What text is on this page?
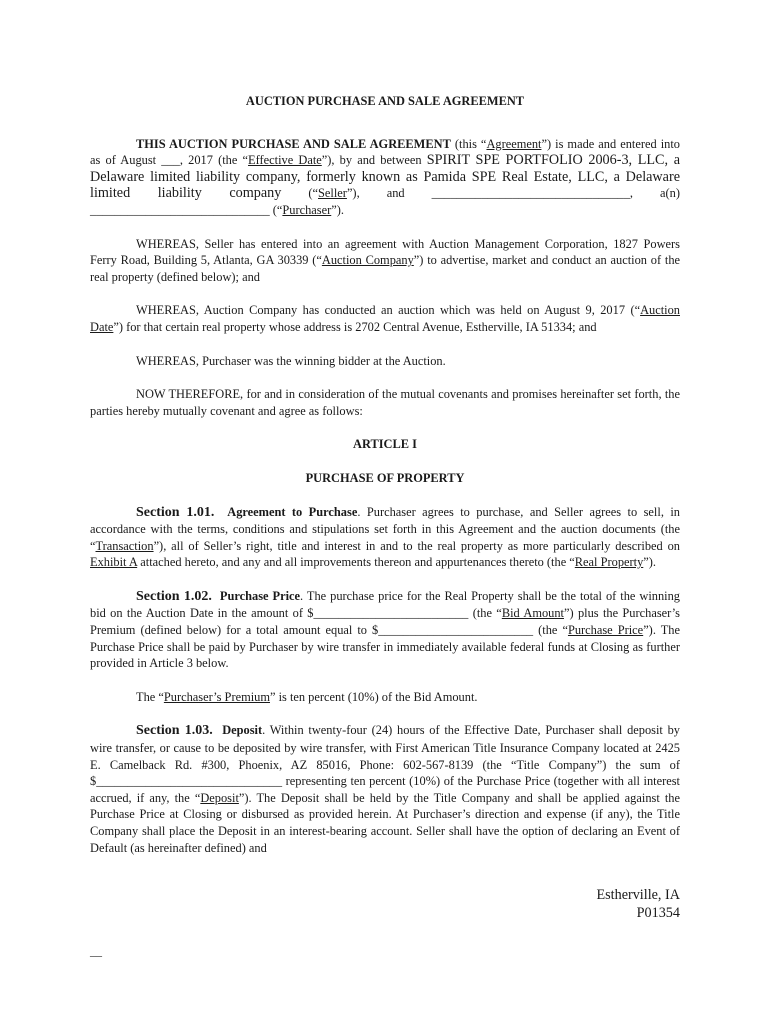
AUCTION PURCHASE AND SALE AGREEMENT

THIS AUCTION PURCHASE AND SALE AGREEMENT (this “Agreement”) is made and entered into as of August ___, 2017 (the “Effective Date”), by and between SPIRIT SPE PORTFOLIO 2006-3, LLC, a Delaware limited liability company, formerly known as Pamida SPE Real Estate, LLC, a Delaware limited liability company (“Seller”), and ________________________________, a(n) _____________________________ (“Purchaser”).

WHEREAS, Seller has entered into an agreement with Auction Management Corporation, 1827 Powers Ferry Road, Building 5, Atlanta, GA 30339 (“Auction Company”) to advertise, market and conduct an auction of the real property (defined below); and

WHEREAS, Auction Company has conducted an auction which was held on August 9, 2017 (“Auction Date”) for that certain real property whose address is 2702 Central Avenue, Estherville, IA 51334; and

WHEREAS, Purchaser was the winning bidder at the Auction.

NOW THEREFORE, for and in consideration of the mutual covenants and promises hereinafter set forth, the parties hereby mutually covenant and agree as follows:

ARTICLE I
PURCHASE OF PROPERTY

Section 1.01. Agreement to Purchase. Purchaser agrees to purchase, and Seller agrees to sell, in accordance with the terms, conditions and stipulations set forth in this Agreement and the auction documents (the “Transaction”), all of Seller’s right, title and interest in and to the real property as more particularly described on Exhibit A attached hereto, and any and all improvements thereon and appurtenances thereto (the “Real Property”).

Section 1.02. Purchase Price. The purchase price for the Real Property shall be the total of the winning bid on the Auction Date in the amount of $_________________________ (the “Bid Amount”) plus the Purchaser’s Premium (defined below) for a total amount equal to $_________________________ (the “Purchase Price”). The Purchase Price shall be paid by Purchaser by wire transfer in immediately available federal funds at Closing as further provided in Article 3 below.

The “Purchaser’s Premium” is ten percent (10%) of the Bid Amount.

Section 1.03. Deposit. Within twenty-four (24) hours of the Effective Date, Purchaser shall deposit by wire transfer, or cause to be deposited by wire transfer, with First American Title Insurance Company located at 2425 E. Camelback Rd. #300, Phoenix, AZ 85016, Phone: 602-567-8139 (the “Title Company”) the sum of $______________________________ representing ten percent (10%) of the Purchase Price (together with all interest accrued, if any, the “Deposit”). The Deposit shall be held by the Title Company and shall be applied against the Purchase Price at Closing or disbursed as provided herein. At Purchaser’s direction and expense (if any), the Title Company shall place the Deposit in an interest-bearing account. Seller shall have the option of declaring an Event of Default (as hereinafter defined) and

Estherville, IA
P01354
__
